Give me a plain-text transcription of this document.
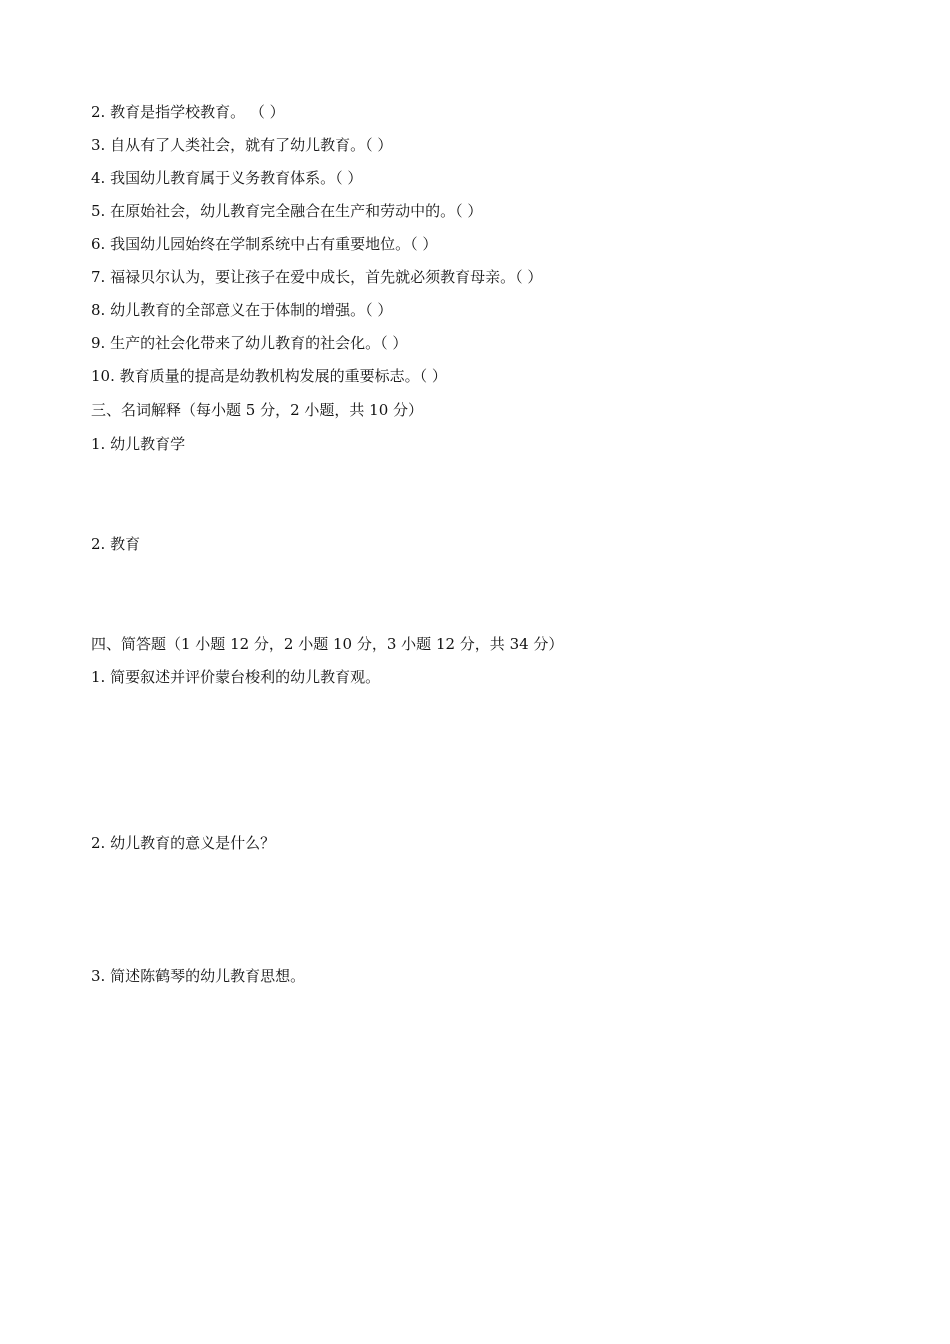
2. 教育是指学校教育。 （ ）
3. 自从有了人类社会，就有了幼儿教育。（ ）
4. 我国幼儿教育属于义务教育体系。（ ）
5. 在原始社会，幼儿教育完全融合在生产和劳动中的。（ ）
6. 我国幼儿园始终在学制系统中占有重要地位。（ ）
7. 福禄贝尔认为，要让孩子在爱中成长，首先就必须教育母亲。（ ）
8. 幼儿教育的全部意义在于体制的增强。（ ）
9. 生产的社会化带来了幼儿教育的社会化。（ ）
10. 教育质量的提高是幼教机构发展的重要标志。（ ）
三、名词解释（每小题 5 分，2 小题，共 10 分）
1. 幼儿教育学
2. 教育
四、简答题（1 小题 12 分，2 小题 10 分，3 小题 12 分，共 34 分）
1. 简要叙述并评价蒙台梭利的幼儿教育观。
2. 幼儿教育的意义是什么？
3. 简述陈鹤琴的幼儿教育思想。
